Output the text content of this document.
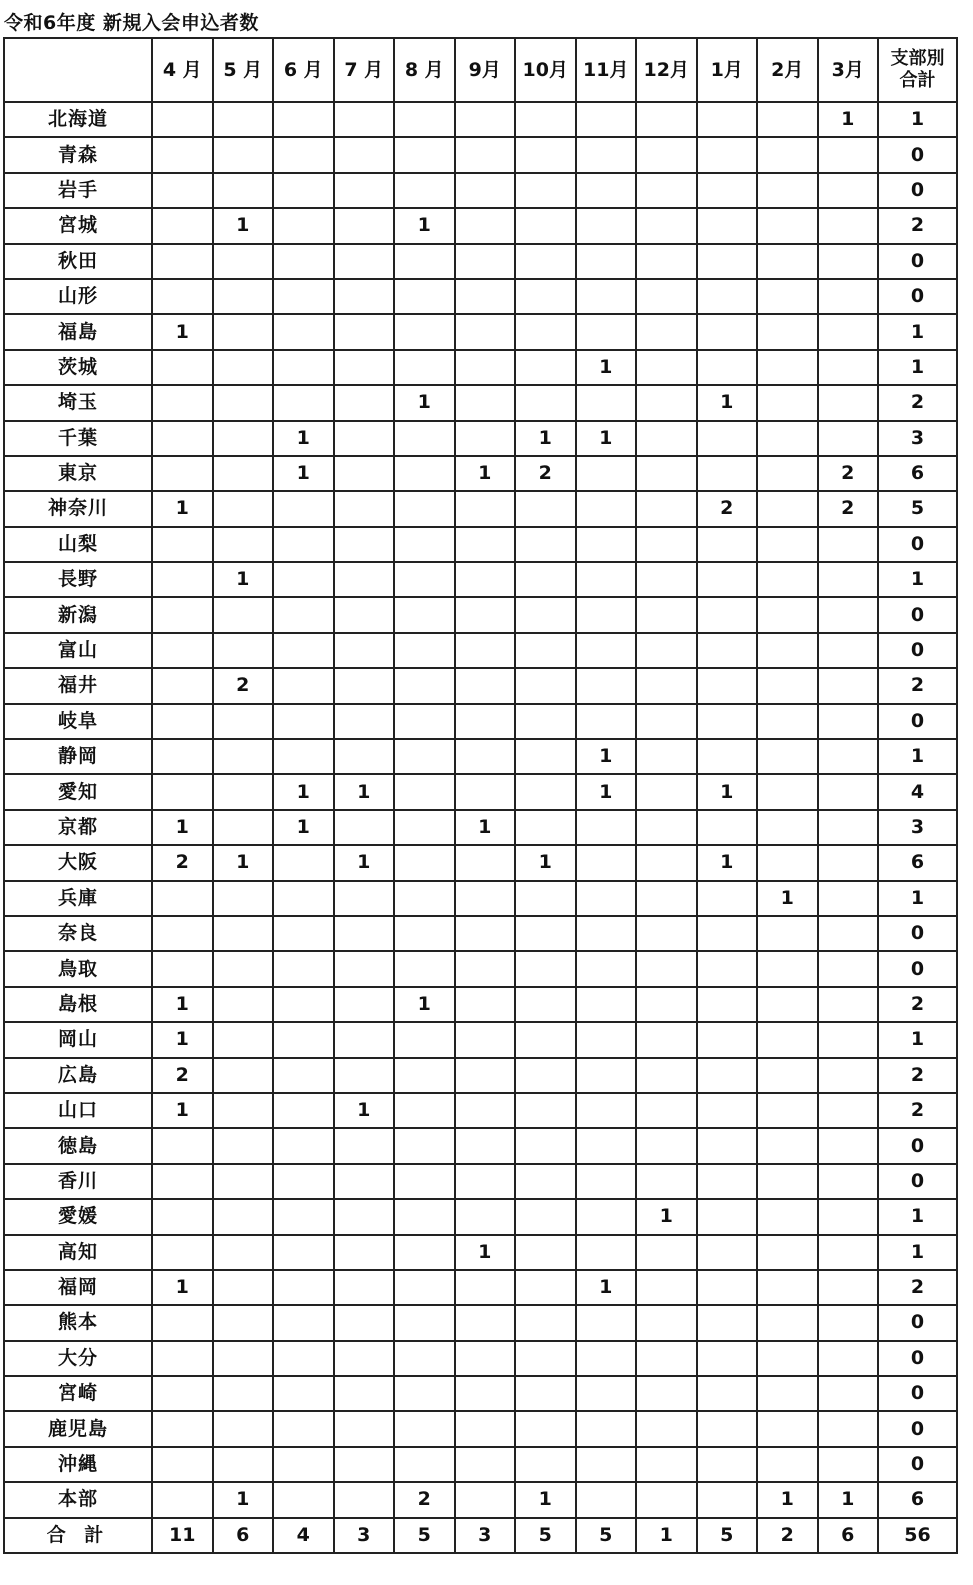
令和6年度 新規入会申込者数
	4 月	5 月	6 月	7 月	8 月	9月	10月	11月	12月	1月	2月	3月	支部別
合計

北海道												1	1
青森													0
岩手													0
宮城		1			1								2
秋田													0
山形													0
福島	1												1
茨城								1					1
埼玉					1					1			2
千葉			1				1	1					3
東京			1			1	2					2	6
神奈川	1									2		2	5
山梨													0
長野		1											1
新潟													0
富山													0
福井		2											2
岐阜													0
静岡								1					1
愛知			1	1				1		1			4
京都	1		1			1							3
大阪	2	1		1			1			1			6
兵庫											1		1
奈良													0
鳥取													0
島根	1				1								2
岡山	1												1
広島	2												2
山口	1			1									2
徳島													0
香川													0
愛媛									1				1
高知						1							1
福岡	1							1					2
熊本													0
大分													0
宮崎													0
鹿児島													0
沖縄													0
本部		1			2		1				1	1	6
合 計	11	6	4	3	5	3	5	5	1	5	2	6	56
